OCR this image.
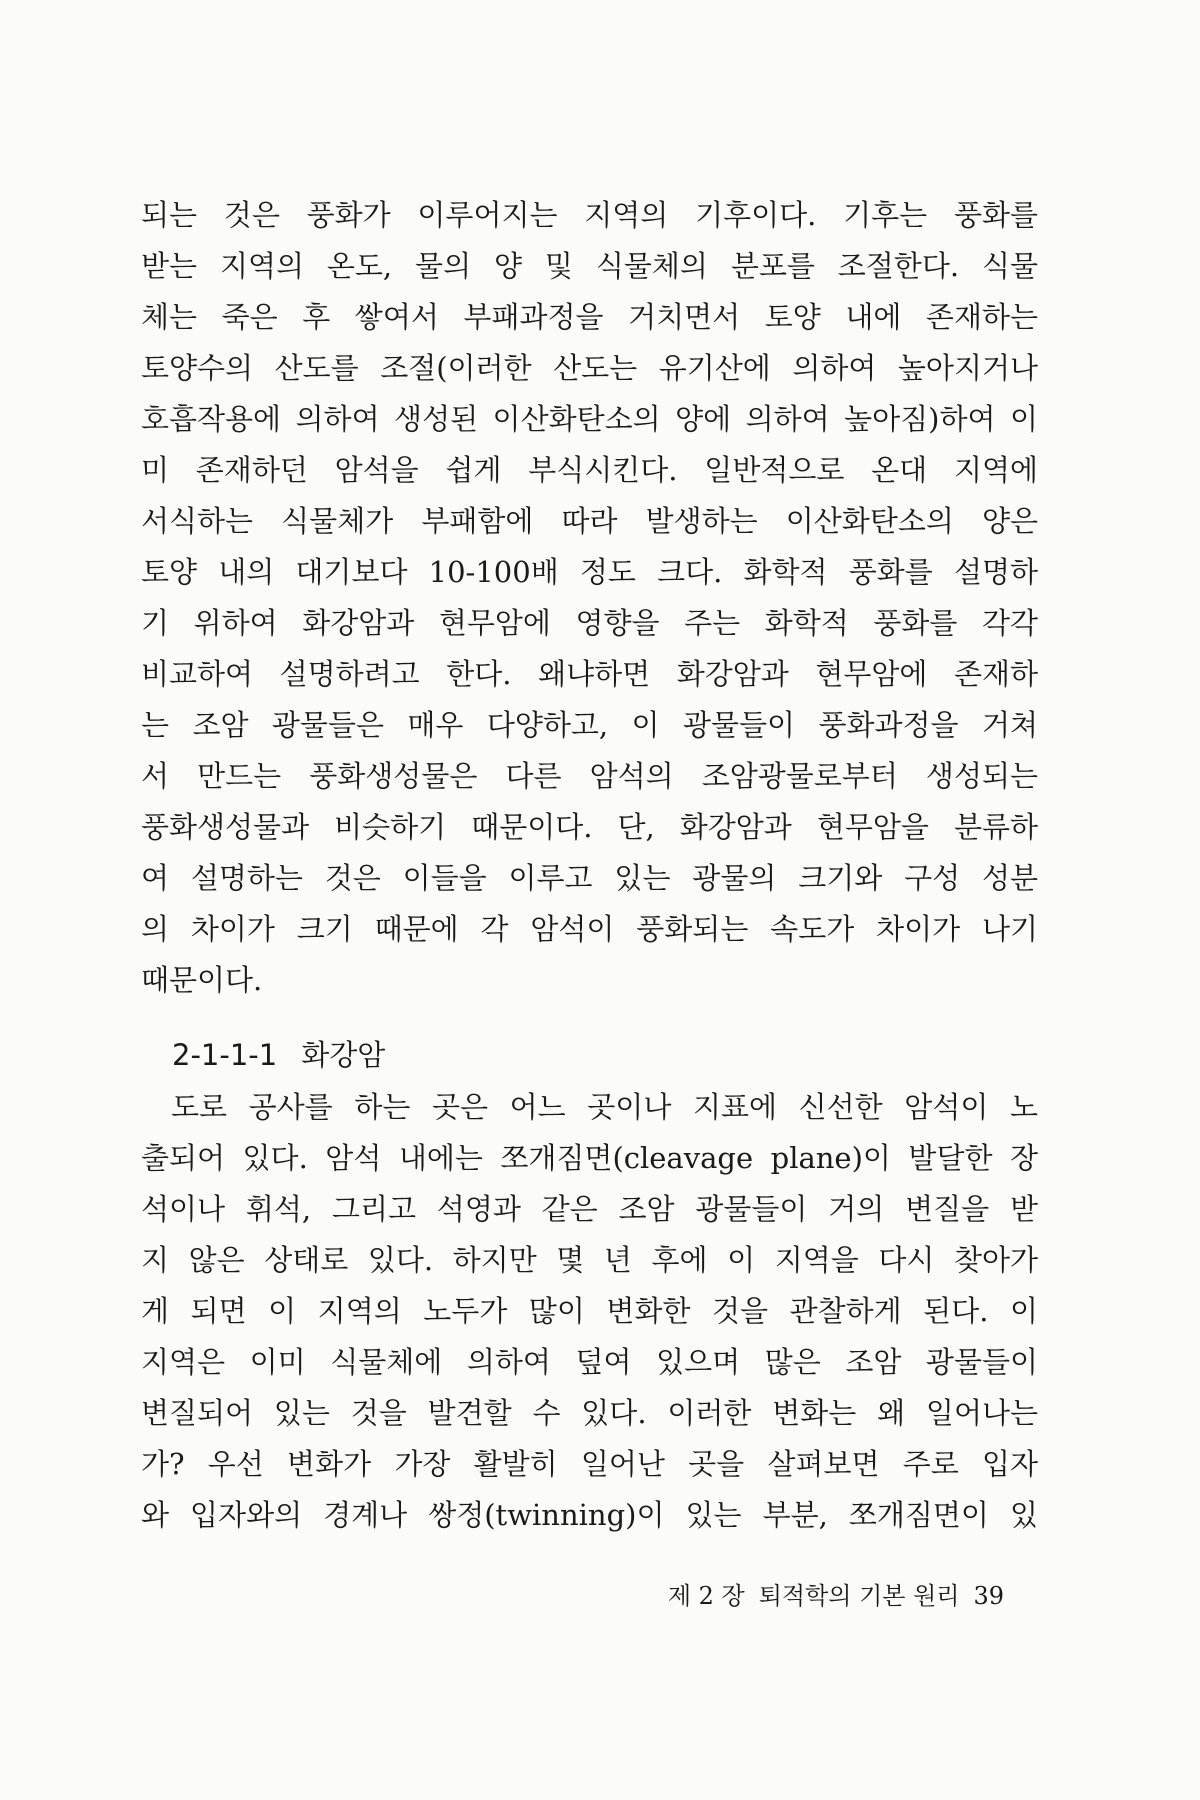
되는 것은 풍화가 이루어지는 지역의 기후이다. 기후는 풍화를
받는 지역의 온도, 물의 양 및 식물체의 분포를 조절한다. 식물
체는 죽은 후 쌓여서 부패과정을 거치면서 토양 내에 존재하는
토양수의 산도를 조절(이러한 산도는 유기산에 의하여 높아지거나
호흡작용에 의하여 생성된 이산화탄소의 양에 의하여 높아짐)하여 이
미 존재하던 암석을 쉽게 부식시킨다. 일반적으로 온대 지역에
서식하는 식물체가 부패함에 따라 발생하는 이산화탄소의 양은
토양 내의 대기보다 10-100배 정도 크다. 화학적 풍화를 설명하
기 위하여 화강암과 현무암에 영향을 주는 화학적 풍화를 각각
비교하여 설명하려고 한다. 왜냐하면 화강암과 현무암에 존재하
는 조암 광물들은 매우 다양하고, 이 광물들이 풍화과정을 거쳐
서 만드는 풍화생성물은 다른 암석의 조암광물로부터 생성되는
풍화생성물과 비슷하기 때문이다. 단, 화강암과 현무암을 분류하
여 설명하는 것은 이들을 이루고 있는 광물의 크기와 구성 성분
의 차이가 크기 때문에 각 암석이 풍화되는 속도가 차이가 나기
때문이다.
2-1-1-1 화강암
도로 공사를 하는 곳은 어느 곳이나 지표에 신선한 암석이 노
출되어 있다. 암석 내에는 쪼개짐면(cleavage plane)이 발달한 장
석이나 휘석, 그리고 석영과 같은 조암 광물들이 거의 변질을 받
지 않은 상태로 있다. 하지만 몇 년 후에 이 지역을 다시 찾아가
게 되면 이 지역의 노두가 많이 변화한 것을 관찰하게 된다. 이
지역은 이미 식물체에 의하여 덮여 있으며 많은 조암 광물들이
변질되어 있는 것을 발견할 수 있다. 이러한 변화는 왜 일어나는
가? 우선 변화가 가장 활발히 일어난 곳을 살펴보면 주로 입자
와 입자와의 경계나 쌍정(twinning)이 있는 부분, 쪼개짐면이 있
제 2 장 퇴적학의 기본 원리 39
